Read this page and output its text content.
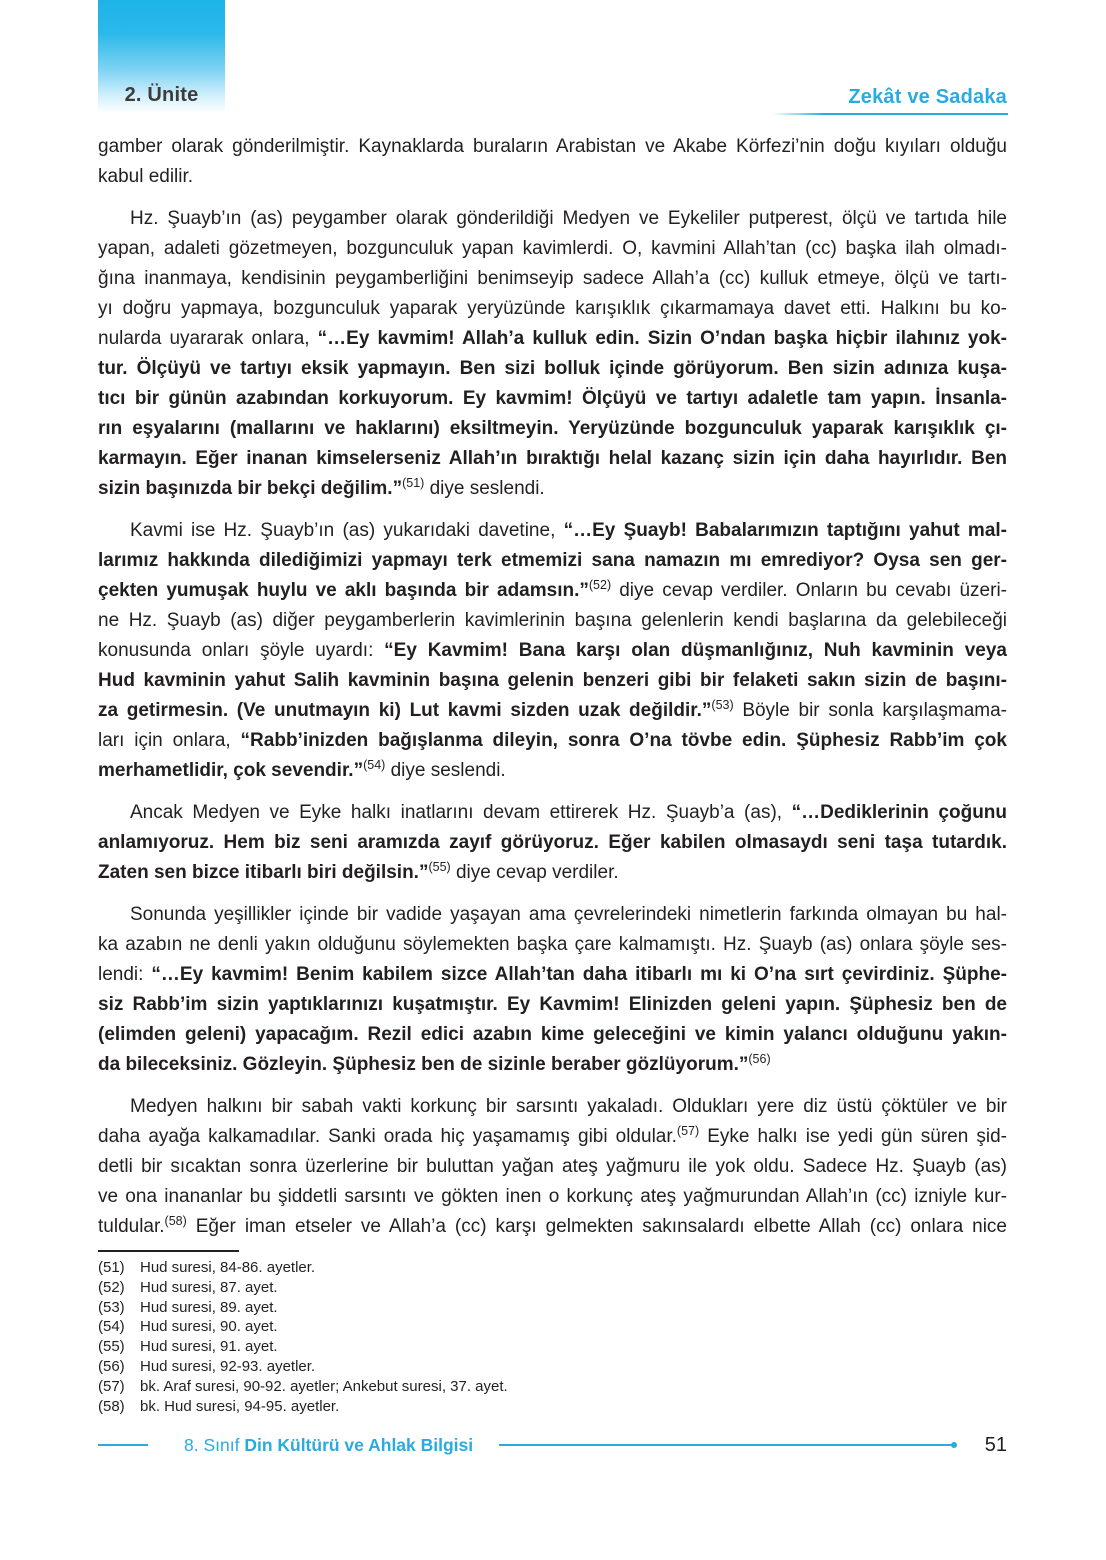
2. Ünite	Zekât ve Sadaka
gamber olarak gönderilmiştir. Kaynaklarda buraların Arabistan ve Akabe Körfezi’nin doğu kıyıları olduğu
kabul edilir.
Hz. Şuayb’ın (as) peygamber olarak gönderildiği Medyen ve Eykeliler putperest, ölçü ve tartıda hile
yapan, adaleti gözetmeyen, bozgunculuk yapan kavimlerdi. O, kavmini Allah’tan (cc) başka ilah olmadı-
ğına inanmaya, kendisinin peygamberliğini benimseyip sadece Allah’a (cc) kulluk etmeye, ölçü ve tartı-
yı doğru yapmaya, bozgunculuk yaparak yeryüzünde karışıklık çıkarmamaya davet etti. Halkını bu ko-
nularda uyararak onlara, “…Ey kavmim! Allah’a kulluk edin. Sizin O’ndan başka hiçbir ilahınız yok-
tur. Ölçüyü ve tartıyı eksik yapmayın. Ben sizi bolluk içinde görüyorum. Ben sizin adınıza kuşa-
tıcı bir günün azabından korkuyorum. Ey kavmim! Ölçüyü ve tartıyı adaletle tam yapın. İnsanla-
rın eşyalarını (mallarını ve haklarını) eksiltmeyin. Yeryüzünde bozgunculuk yaparak karışıklık çı-
karmayın. Eğer inanan kimselerseniz Allah’ın bıraktığı helal kazanç sizin için daha hayırlıdır. Ben
sizin başınızda bir bekçi değilim.”$^{(51)}$ diye seslendi.
Kavmi ise Hz. Şuayb’ın (as) yukarıdaki davetine, “…Ey Şuayb! Babalarımızın taptığını yahut mal-
larımız hakkında dilediğimizi yapmayı terk etmemizi sana namazın mı emrediyor? Oysa sen ger-
çekten yumuşak huylu ve aklı başında bir adamsın.”$^{(52)}$ diye cevap verdiler. Onların bu cevabı üzeri-
ne Hz. Şuayb (as) diğer peygamberlerin kavimlerinin başına gelenlerin kendi başlarına da gelebileceği
konusunda onları şöyle uyardı: “Ey Kavmim! Bana karşı olan düşmanlığınız, Nuh kavminin veya
Hud kavminin yahut Salih kavminin başına gelenin benzeri gibi bir felaketi sakın sizin de başını-
za getirmesin. (Ve unutmayın ki) Lut kavmi sizden uzak değildir.”$^{(53)}$ Böyle bir sonla karşılaşmama-
ları için onlara, “Rabb’inizden bağışlanma dileyin, sonra O’na tövbe edin. Şüphesiz Rabb’im çok
merhametlidir, çok sevendir.”$^{(54)}$ diye seslendi.
Ancak Medyen ve Eyke halkı inatlarını devam ettirerek Hz. Şuayb’a (as), “…Dediklerinin çoğunu
anlamıyoruz. Hem biz seni aramızda zayıf görüyoruz. Eğer kabilen olmasaydı seni taşa tutardık.
Zaten sen bizce itibarlı biri değilsin.”$^{(55)}$ diye cevap verdiler.
Sonunda yeşillikler içinde bir vadide yaşayan ama çevrelerindeki nimetlerin farkında olmayan bu hal-
ka azabın ne denli yakın olduğunu söylemekten başka çare kalmamıştı. Hz. Şuayb (as) onlara şöyle ses-
lendi: “…Ey kavmim! Benim kabilem sizce Allah’tan daha itibarlı mı ki O’na sırt çevirdiniz. Şüphe-
siz Rabb’im sizin yaptıklarınızı kuşatmıştır. Ey Kavmim! Elinizden geleni yapın. Şüphesiz ben de
(elimden geleni) yapacağım. Rezil edici azabın kime geleceğini ve kimin yalancı olduğunu yakın-
da bileceksiniz. Gözleyin. Şüphesiz ben de sizinle beraber gözlüyorum.”$^{(56)}$
Medyen halkını bir sabah vakti korkunç bir sarsıntı yakaladı. Oldukları yere diz üstü çöktüler ve bir
daha ayağa kalkamadılar. Sanki orada hiç yaşamamış gibi oldular.$^{(57)}$ Eyke halkı ise yedi gün süren şid-
detli bir sıcaktan sonra üzerlerine bir buluttan yağan ateş yağmuru ile yok oldu. Sadece Hz. Şuayb (as)
ve ona inananlar bu şiddetli sarsıntı ve gökten inen o korkunç ateş yağmurundan Allah’ın (cc) izniyle kur-
tuldular.$^{(58)}$ Eğer iman etseler ve Allah’a (cc) karşı gelmekten sakınsalardı elbette Allah (cc) onlara nice
(51)	Hud suresi, 84-86. ayetler.
(52)	Hud suresi, 87. ayet.
(53)	Hud suresi, 89. ayet.
(54)	Hud suresi, 90. ayet.
(55)	Hud suresi, 91. ayet.
(56)	Hud suresi, 92-93. ayetler.
(57)	bk. Araf suresi, 90-92. ayetler; Ankebut suresi, 37. ayet.
(58)	bk. Hud suresi, 94-95. ayetler.
8. Sınıf Din Kültürü ve Ahlak Bilgisi	51
